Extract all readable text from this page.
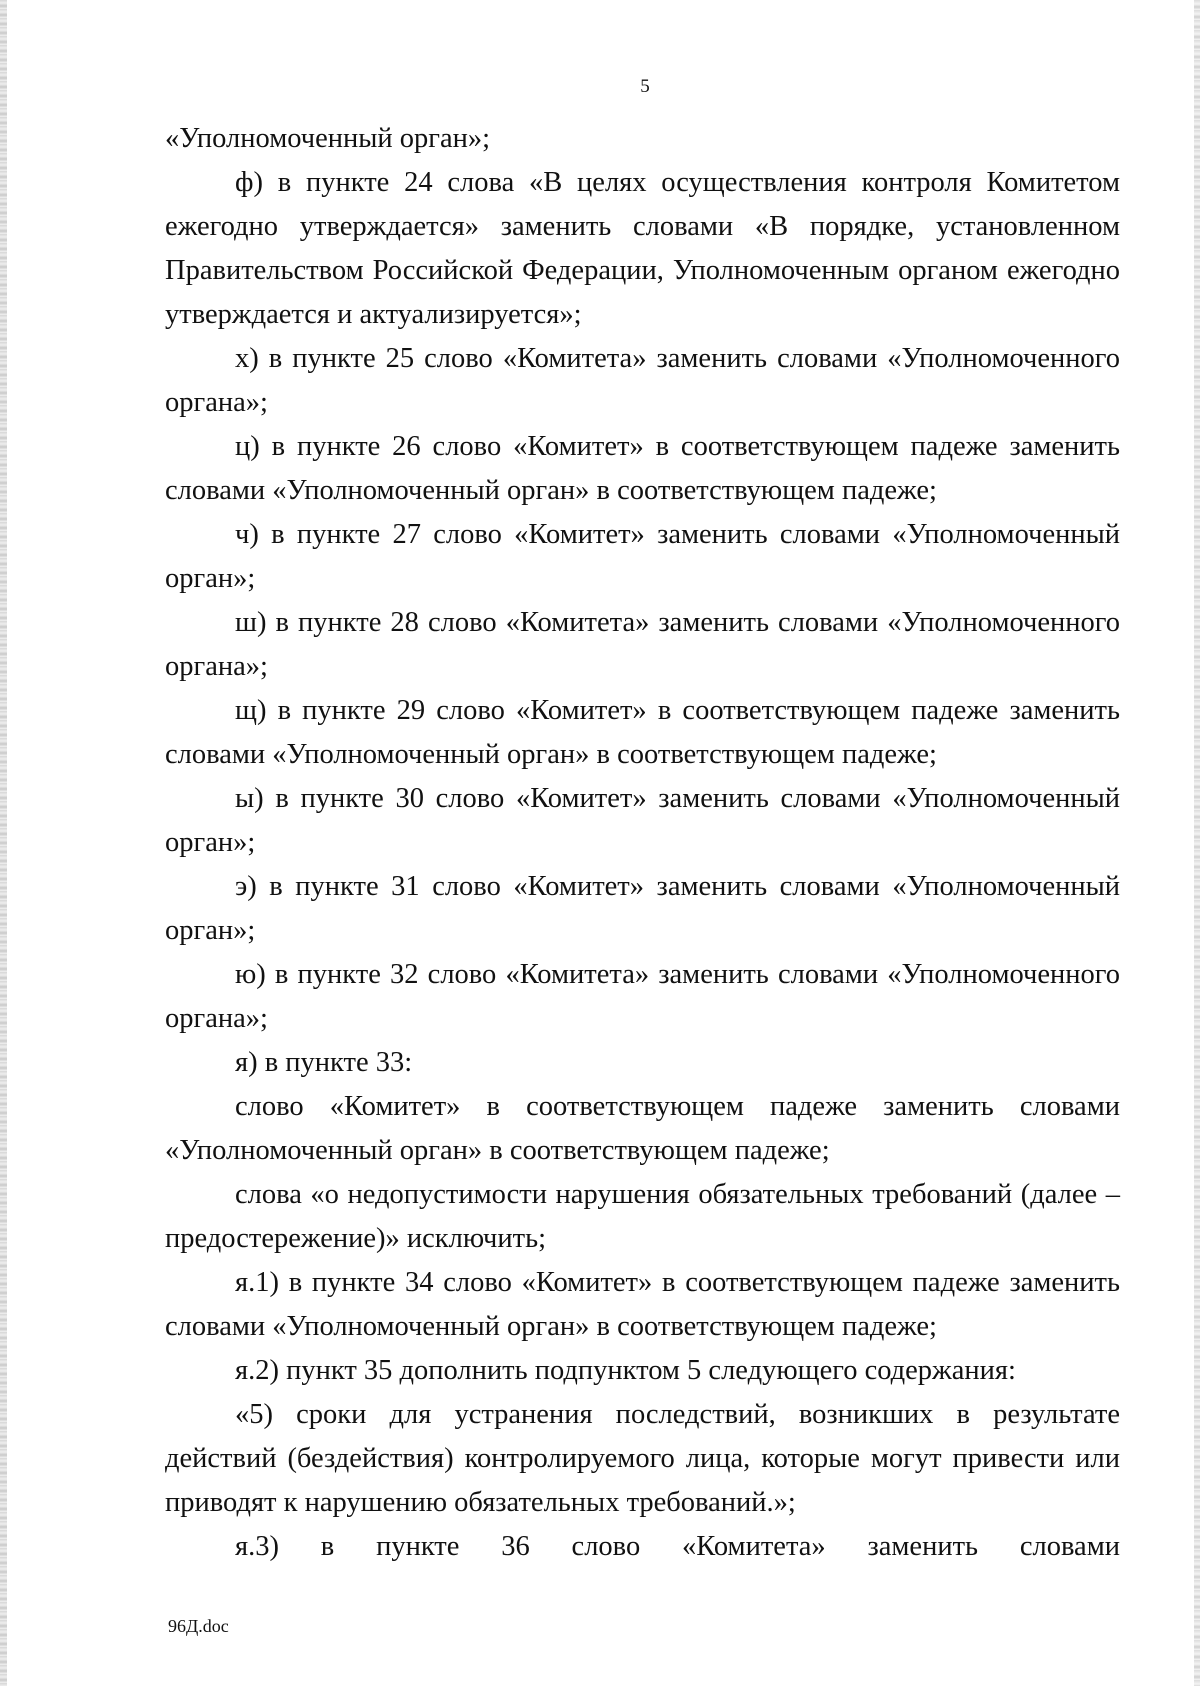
5

«Уполномоченный орган»;

ф) в пункте 24 слова «В целях осуществления контроля Комитетом ежегодно утверждается» заменить словами «В порядке, установленном Правительством Российской Федерации, Уполномоченным органом ежегодно утверждается и актуализируется»;

х) в пункте 25 слово «Комитета» заменить словами «Уполномоченного органа»;

ц) в пункте 26 слово «Комитет» в соответствующем падеже заменить словами «Уполномоченный орган» в соответствующем падеже;

ч) в пункте 27 слово «Комитет» заменить словами «Уполномоченный орган»;

ш) в пункте 28 слово «Комитета» заменить словами «Уполномоченного органа»;

щ) в пункте 29 слово «Комитет» в соответствующем падеже заменить словами «Уполномоченный орган» в соответствующем падеже;

ы) в пункте 30 слово «Комитет» заменить словами «Уполномоченный орган»;

э) в пункте 31 слово «Комитет» заменить словами «Уполномоченный орган»;

ю) в пункте 32 слово «Комитета» заменить словами «Уполномоченного органа»;

я) в пункте 33:

слово «Комитет» в соответствующем падеже заменить словами «Уполномоченный орган» в соответствующем падеже;

слова «о недопустимости нарушения обязательных требований (далее – предостережение)» исключить;

я.1) в пункте 34 слово «Комитет» в соответствующем падеже заменить словами «Уполномоченный орган» в соответствующем падеже;

я.2) пункт 35 дополнить подпунктом 5 следующего содержания:

«5) сроки для устранения последствий, возникших в результате действий (бездействия) контролируемого лица, которые могут привести или приводят к нарушению обязательных требований.»;

я.3) в пункте 36 слово «Комитета» заменить словами

96Д.doc
